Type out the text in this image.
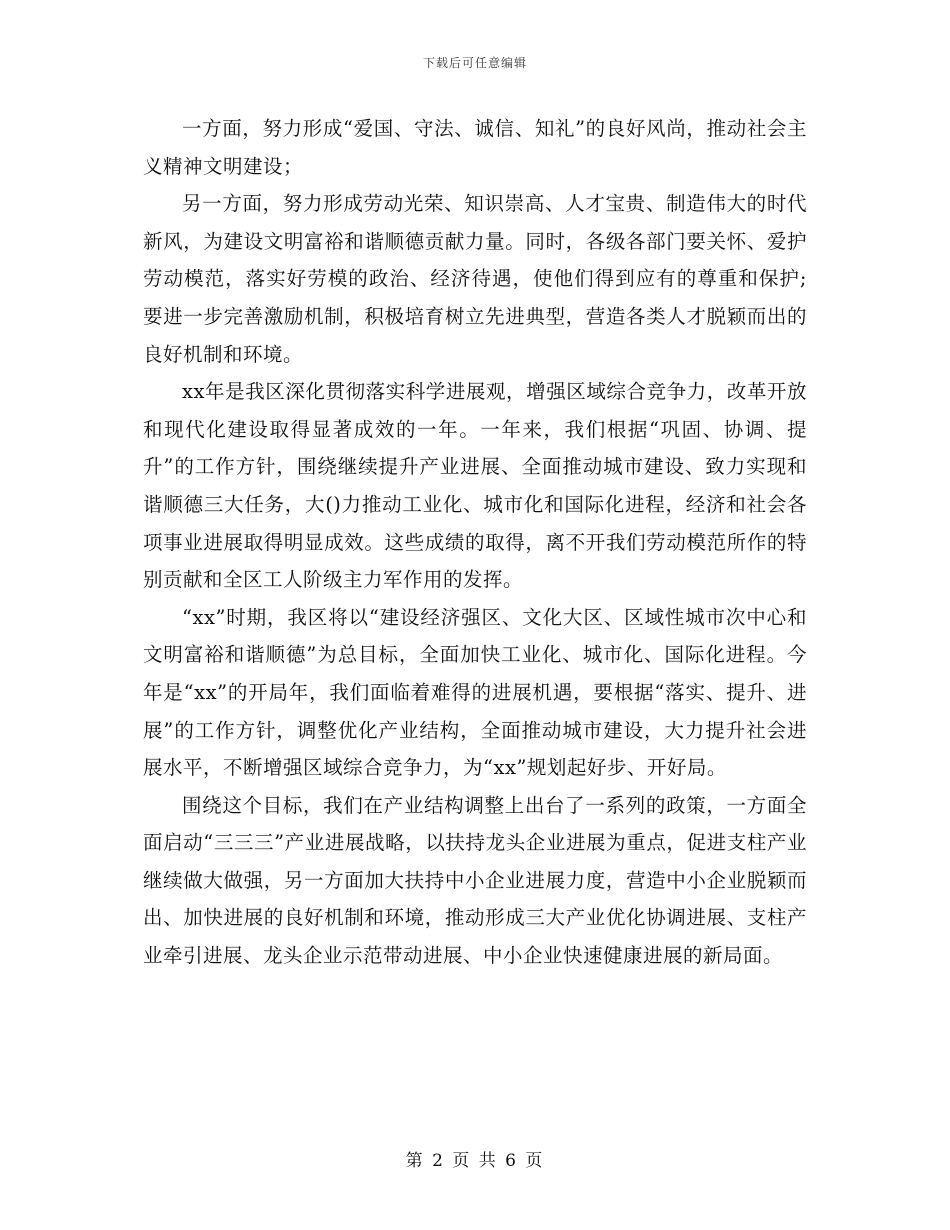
下载后可任意编辑

一方面，努力形成“爱国、守法、诚信、知礼”的良好风尚，推动社会主义精神文明建设；

另一方面，努力形成劳动光荣、知识崇高、人才宝贵、制造伟大的时代新风，为建设文明富裕和谐顺德贡献力量。同时，各级各部门要关怀、爱护劳动模范，落实好劳模的政治、经济待遇，使他们得到应有的尊重和保护;要进一步完善激励机制，积极培育树立先进典型，营造各类人才脱颖而出的良好机制和环境。

xx年是我区深化贯彻落实科学进展观，增强区域综合竞争力，改革开放和现代化建设取得显著成效的一年。一年来，我们根据“巩固、协调、提升”的工作方针，围绕继续提升产业进展、全面推动城市建设、致力实现和谐顺德三大任务，大()力推动工业化、城市化和国际化进程，经济和社会各项事业进展取得明显成效。这些成绩的取得，离不开我们劳动模范所作的特别贡献和全区工人阶级主力军作用的发挥。

“xx”时期，我区将以“建设经济强区、文化大区、区域性城市次中心和文明富裕和谐顺德”为总目标，全面加快工业化、城市化、国际化进程。今年是“xx”的开局年，我们面临着难得的进展机遇，要根据“落实、提升、进展”的工作方针，调整优化产业结构，全面推动城市建设，大力提升社会进展水平，不断增强区域综合竞争力，为“xx”规划起好步、开好局。

围绕这个目标，我们在产业结构调整上出台了一系列的政策，一方面全面启动“三三三”产业进展战略，以扶持龙头企业进展为重点，促进支柱产业继续做大做强，另一方面加大扶持中小企业进展力度，营造中小企业脱颖而出、加快进展的良好机制和环境，推动形成三大产业优化协调进展、支柱产业牵引进展、龙头企业示范带动进展、中小企业快速健康进展的新局面。

第 2 页 共 6 页
